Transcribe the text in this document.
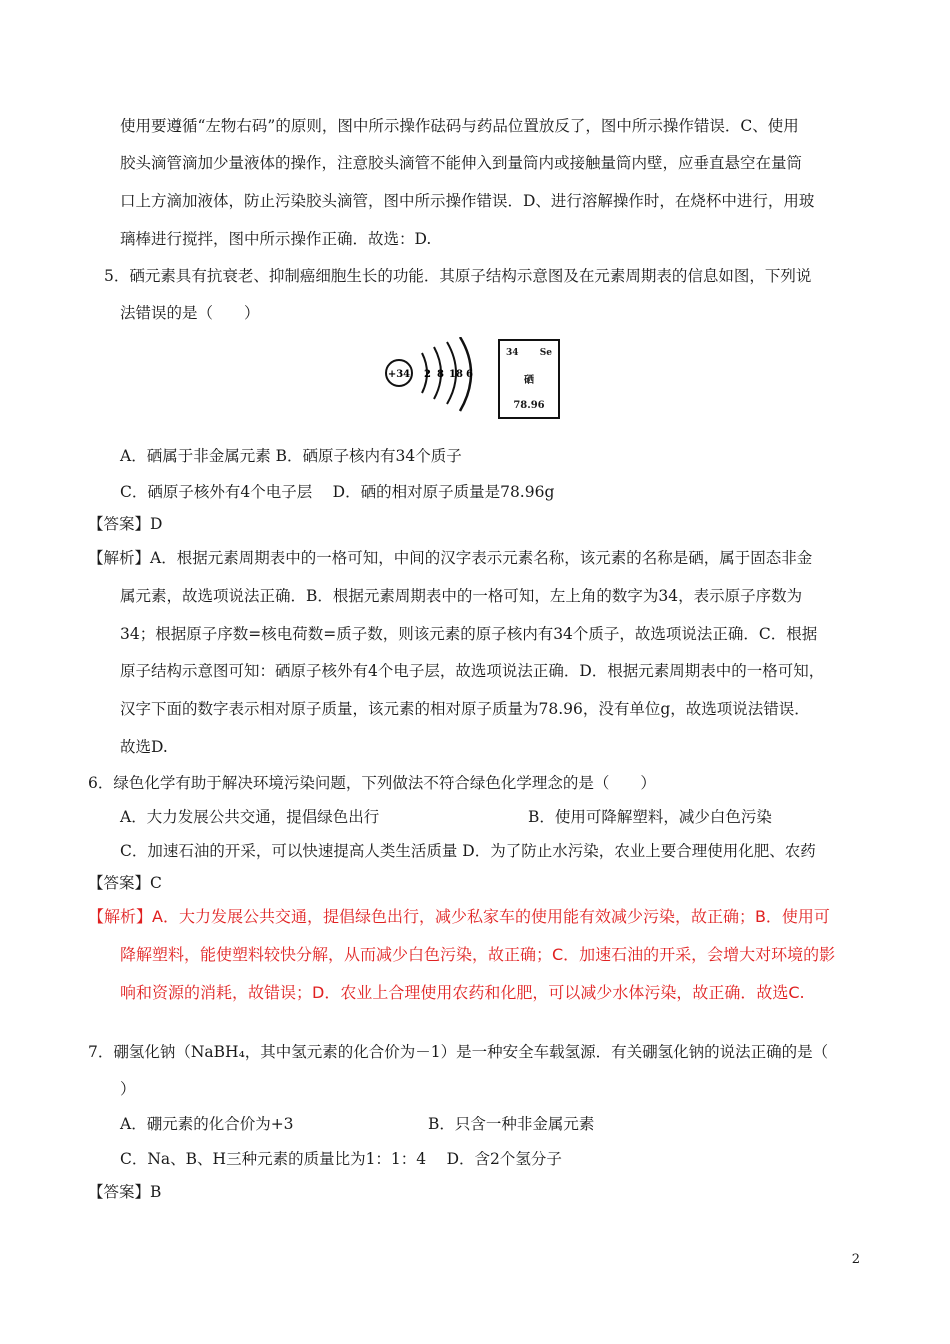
使用要遵循“左物右码”的原则，图中所示操作砝码与药品位置放反了，图中所示操作错误．C、使用
胶头滴管滴加少量液体的操作，注意胶头滴管不能伸入到量筒内或接触量筒内壁，应垂直悬空在量筒
口上方滴加液体，防止污染胶头滴管，图中所示操作错误．D、进行溶解操作时，在烧杯中进行，用玻
璃棒进行搅拌，图中所示操作正确．故选：D.
5．硒元素具有抗衰老、抑制癌细胞生长的功能．其原子结构示意图及在元素周期表的信息如图，下列说
法错误的是（　　）
+34 2 8 18 6
34 Se
硒
78.96
A．硒属于非金属元素 B．硒原子核内有34个质子
C．硒原子核外有4个电子层　 D．硒的相对原子质量是78.96g
【答案】D
【解析】A．根据元素周期表中的一格可知，中间的汉字表示元素名称，该元素的名称是硒，属于固态非金
属元素，故选项说法正确．B．根据元素周期表中的一格可知，左上角的数字为34，表示原子序数为
34；根据原子序数=核电荷数=质子数，则该元素的原子核内有34个质子，故选项说法正确．C．根据
原子结构示意图可知：硒原子核外有4个电子层，故选项说法正确．D．根据元素周期表中的一格可知，
汉字下面的数字表示相对原子质量，该元素的相对原子质量为78.96，没有单位g，故选项说法错误．
故选D.
6．绿色化学有助于解决环境污染问题，下列做法不符合绿色化学理念的是（　　）
A．大力发展公共交通，提倡绿色出行	B．使用可降解塑料，减少白色污染
C．加速石油的开采，可以快速提高人类生活质量 D．为了防止水污染，农业上要合理使用化肥、农药
【答案】C
【解析】A．大力发展公共交通，提倡绿色出行，减少私家车的使用能有效减少污染，故正确；B．使用可
降解塑料，能使塑料较快分解，从而减少白色污染，故正确；C．加速石油的开采，会增大对环境的影
响和资源的消耗，故错误；D．农业上合理使用农药和化肥，可以减少水体污染，故正确．故选C.
7．硼氢化钠（NaBH₄，其中氢元素的化合价为－1）是一种安全车载氢源．有关硼氢化钠的说法正确的是（
）
A．硼元素的化合价为+3	B．只含一种非金属元素
C．Na、B、H三种元素的质量比为1：1：4　 D．含2个氢分子
【答案】B
2
